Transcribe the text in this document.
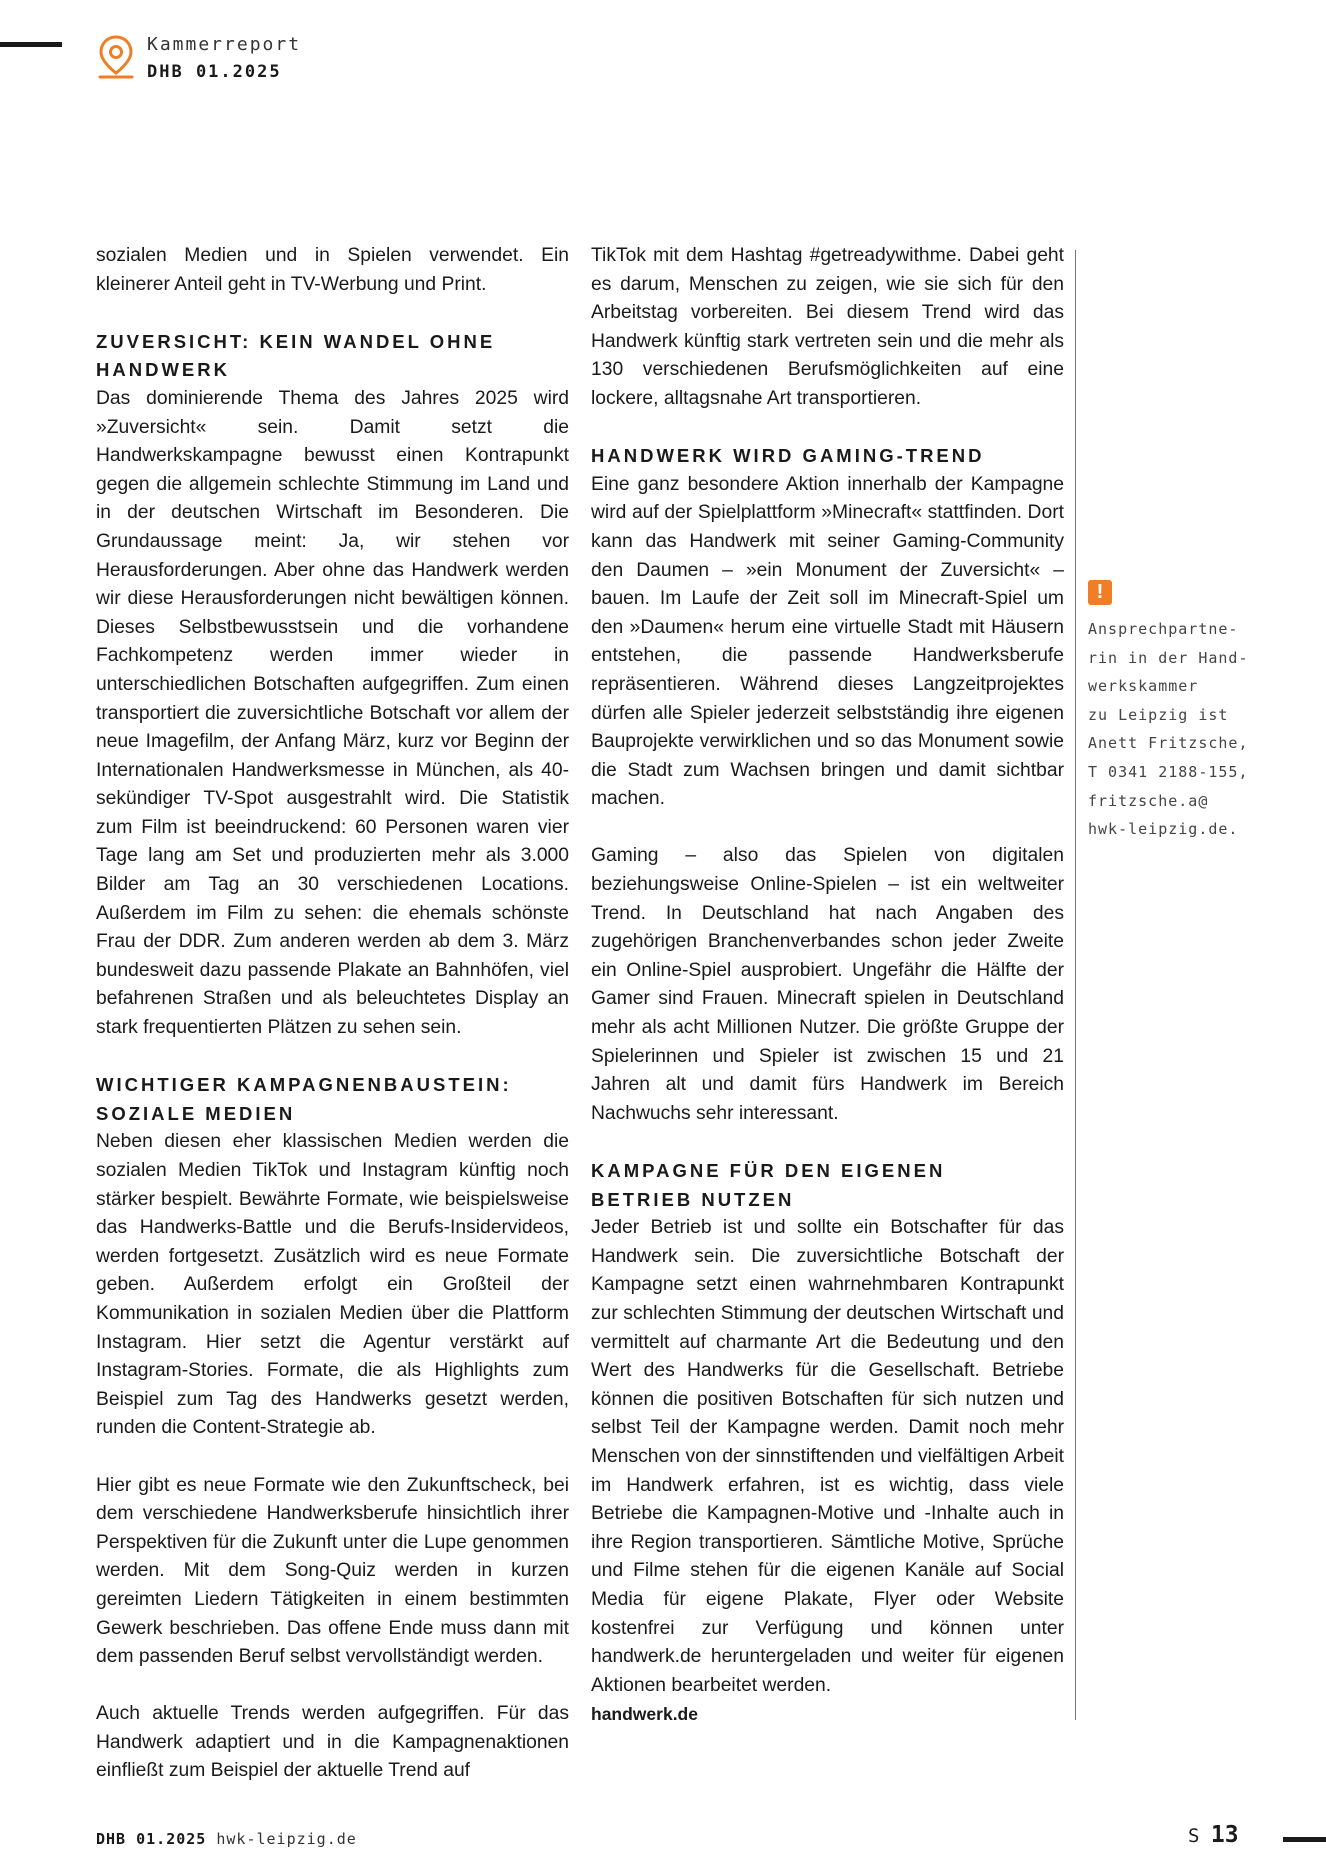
Kammerreport
DHB 01.2025

sozialen Medien und in Spielen verwendet. Ein kleinerer Anteil geht in TV-Werbung und Print.

ZUVERSICHT: KEIN WANDEL OHNE HANDWERK

Das dominierende Thema des Jahres 2025 wird »Zuversicht« sein. Damit setzt die Handwerkskampagne bewusst einen Kontrapunkt gegen die allgemein schlechte Stimmung im Land und in der deutschen Wirtschaft im Besonderen. Die Grundaussage meint: Ja, wir stehen vor Herausforderungen. Aber ohne das Handwerk werden wir diese Herausforderungen nicht bewältigen können. Dieses Selbstbewusstsein und die vorhandene Fachkompetenz werden immer wieder in unterschiedlichen Botschaften aufgegriffen. Zum einen transportiert die zuversichtliche Botschaft vor allem der neue Imagefilm, der Anfang März, kurz vor Beginn der Internationalen Handwerksmesse in München, als 40-sekündiger TV-Spot ausgestrahlt wird. Die Statistik zum Film ist beeindruckend: 60 Personen waren vier Tage lang am Set und produzierten mehr als 3.000 Bilder am Tag an 30 verschiedenen Locations. Außerdem im Film zu sehen: die ehemals schönste Frau der DDR. Zum anderen werden ab dem 3. März bundesweit dazu passende Plakate an Bahnhöfen, viel befahrenen Straßen und als beleuchtetes Display an stark frequentierten Plätzen zu sehen sein.

WICHTIGER KAMPAGNENBAUSTEIN:
SOZIALE MEDIEN

Neben diesen eher klassischen Medien werden die sozialen Medien TikTok und Instagram künftig noch stärker bespielt. Bewährte Formate, wie beispielsweise das Handwerks-Battle und die Berufs-Insidervideos, werden fortgesetzt. Zusätzlich wird es neue Formate geben. Außerdem erfolgt ein Großteil der Kommunikation in sozialen Medien über die Plattform Instagram. Hier setzt die Agentur verstärkt auf Instagram-Stories. Formate, die als Highlights zum Beispiel zum Tag des Handwerks gesetzt werden, runden die Content-Strategie ab.

Hier gibt es neue Formate wie den Zukunftscheck, bei dem verschiedene Handwerksberufe hinsichtlich ihrer Perspektiven für die Zukunft unter die Lupe genommen werden. Mit dem Song-Quiz werden in kurzen gereimten Liedern Tätigkeiten in einem bestimmten Gewerk beschrieben. Das offene Ende muss dann mit dem passenden Beruf selbst vervollständigt werden.

Auch aktuelle Trends werden aufgegriffen. Für das Handwerk adaptiert und in die Kampagnenaktionen einfließt zum Beispiel der aktuelle Trend auf

TikTok mit dem Hashtag #getreadywithme. Dabei geht es darum, Menschen zu zeigen, wie sie sich für den Arbeitstag vorbereiten. Bei diesem Trend wird das Handwerk künftig stark vertreten sein und die mehr als 130 verschiedenen Berufsmöglichkeiten auf eine lockere, alltagsnahe Art transportieren.

HANDWERK WIRD GAMING-TREND

Eine ganz besondere Aktion innerhalb der Kampagne wird auf der Spielplattform »Minecraft« stattfinden. Dort kann das Handwerk mit seiner Gaming-Community den Daumen – »ein Monument der Zuversicht« – bauen. Im Laufe der Zeit soll im Minecraft-Spiel um den »Daumen« herum eine virtuelle Stadt mit Häusern entstehen, die passende Handwerksberufe repräsentieren. Während dieses Langzeitprojektes dürfen alle Spieler jederzeit selbstständig ihre eigenen Bauprojekte verwirklichen und so das Monument sowie die Stadt zum Wachsen bringen und damit sichtbar machen.

Gaming – also das Spielen von digitalen beziehungsweise Online-Spielen – ist ein weltweiter Trend. In Deutschland hat nach Angaben des zugehörigen Branchenverbandes schon jeder Zweite ein Online-Spiel ausprobiert. Ungefähr die Hälfte der Gamer sind Frauen. Minecraft spielen in Deutschland mehr als acht Millionen Nutzer. Die größte Gruppe der Spielerinnen und Spieler ist zwischen 15 und 21 Jahren alt und damit fürs Handwerk im Bereich Nachwuchs sehr interessant.

KAMPAGNE FÜR DEN EIGENEN
BETRIEB NUTZEN

Jeder Betrieb ist und sollte ein Botschafter für das Handwerk sein. Die zuversichtliche Botschaft der Kampagne setzt einen wahrnehmbaren Kontrapunkt zur schlechten Stimmung der deutschen Wirtschaft und vermittelt auf charmante Art die Bedeutung und den Wert des Handwerks für die Gesellschaft. Betriebe können die positiven Botschaften für sich nutzen und selbst Teil der Kampagne werden. Damit noch mehr Menschen von der sinnstiftenden und vielfältigen Arbeit im Handwerk erfahren, ist es wichtig, dass viele Betriebe die Kampagnen-Motive und -Inhalte auch in ihre Region transportieren. Sämtliche Motive, Sprüche und Filme stehen für die eigenen Kanäle auf Social Media für eigene Plakate, Flyer oder Website kostenfrei zur Verfügung und können unter handwerk.de heruntergeladen und weiter für eigenen Aktionen bearbeitet werden.

handwerk.de

!
Ansprechpartne-
rin in der Hand-
werkskammer
zu Leipzig ist
Anett Fritzsche,
T 0341 2188-155,
fritzsche.a@
hwk-leipzig.de.
DHB 01.2025 hwk-leipzig.de	S 13
